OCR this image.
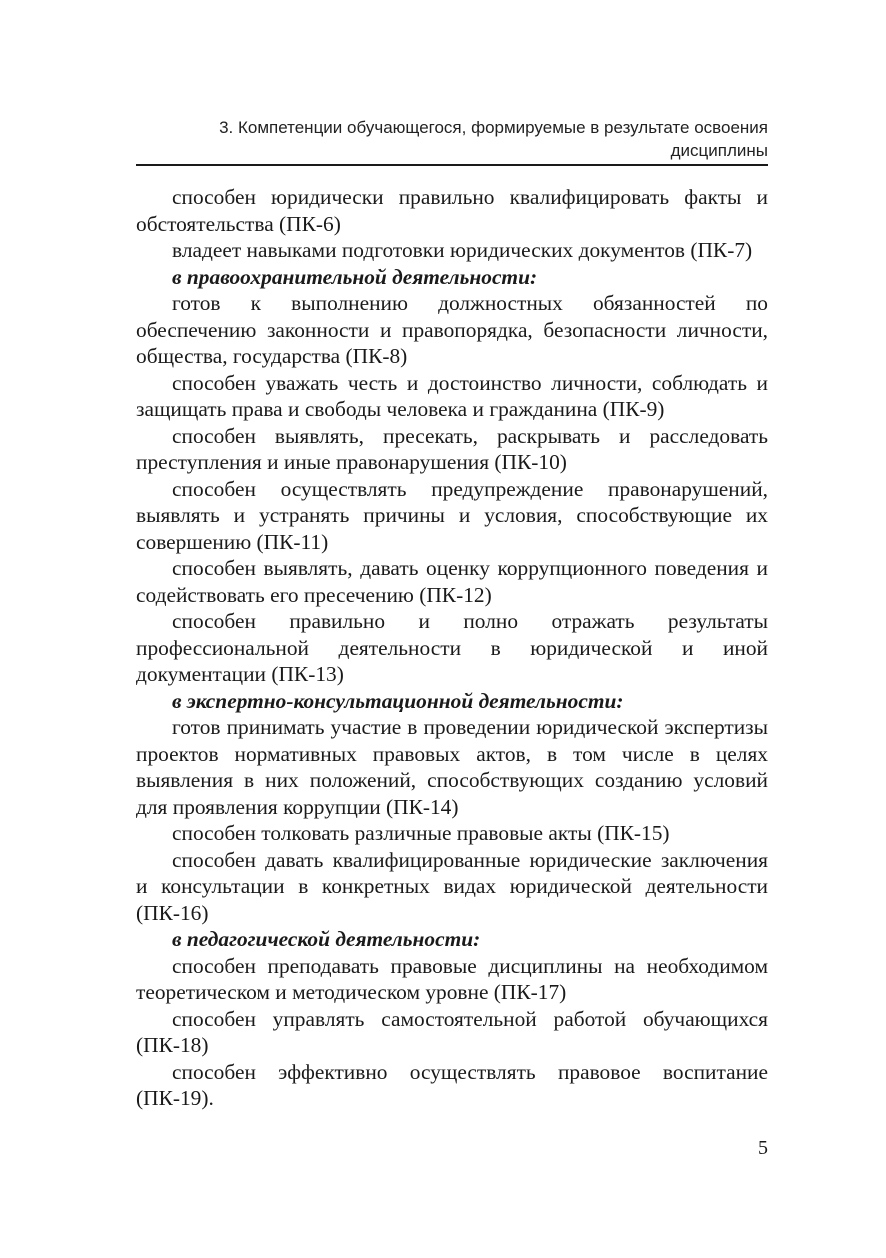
3. Компетенции обучающегося, формируемые в результате освоения
дисциплины

способен юридически правильно квалифицировать факты и обстоятельства (ПК-6)

владеет навыками подготовки юридических документов (ПК-7)

в правоохранительной деятельности:

готов к выполнению должностных обязанностей по обеспечению законности и правопорядка, безопасности личности, общества, государства (ПК-8)

способен уважать честь и достоинство личности, соблюдать и защищать права и свободы человека и гражданина (ПК-9)

способен выявлять, пресекать, раскрывать и расследовать преступления и иные правонарушения (ПК-10)

способен осуществлять предупреждение правонарушений, выявлять и устранять причины и условия, способствующие их совершению (ПК-11)

способен выявлять, давать оценку коррупционного поведения и содействовать его пресечению (ПК-12)

способен правильно и полно отражать результаты профессиональной деятельности в юридической и иной документации (ПК-13)

в экспертно-консультационной деятельности:

готов принимать участие в проведении юридической экспертизы проектов нормативных правовых актов, в том числе в целях выявления в них положений, способствующих созданию условий для проявления коррупции (ПК-14)

способен толковать различные правовые акты (ПК-15)

способен давать квалифицированные юридические заключения и консультации в конкретных видах юридической деятельности (ПК-16)

в педагогической деятельности:

способен преподавать правовые дисциплины на необходимом теоретическом и методическом уровне (ПК-17)

способен управлять самостоятельной работой обучающихся (ПК-18)

способен эффективно осуществлять правовое воспитание (ПК-19).

5
